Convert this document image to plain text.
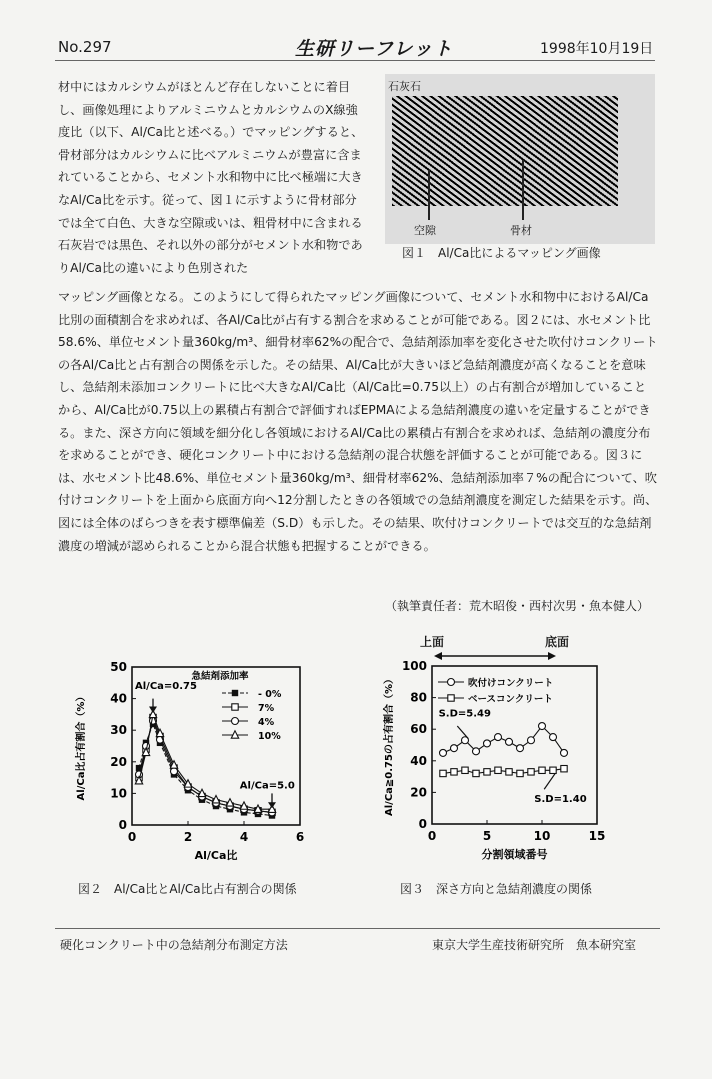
No.297	生研リーフレット	1998年10月19日

材中にはカルシウムがほとんど存在しないことに着目し、画像処理によりアルミニウムとカルシウムのX線強度比（以下、Al/Ca比と述べる。）でマッピングすると、骨材部分はカルシウムに比べアルミニウムが豊富に含まれていることから、セメント水和物中に比べ極端に大きなAl/Ca比を示す。従って、図１に示すように骨材部分では全て白色、大きな空隙或いは、粗骨材中に含まれる石灰岩では黒色、それ以外の部分がセメント水和物でありAl/Ca比の違いにより色別された

マッピング画像となる。このようにして得られたマッピング画像について、セメント水和物中におけるAl/Ca比別の面積割合を求めれば、各Al/Ca比が占有する割合を求めることが可能である。図２には、水セメント比58.6%、単位セメント量360kg/m³、細骨材率62%の配合で、急結剤添加率を変化させた吹付けコンクリートの各Al/Ca比と占有割合の関係を示した。その結果、Al/Ca比が大きいほど急結剤濃度が高くなることを意味し、急結剤未添加コンクリートに比べ大きなAl/Ca比（Al/Ca比=0.75以上）の占有割合が増加していることから、Al/Ca比が0.75以上の累積占有割合で評価すればEPMAによる急結剤濃度の違いを定量することができる。また、深さ方向に領域を細分化し各領域におけるAl/Ca比の累積占有割合を求めれば、急結剤の濃度分布を求めることができ、硬化コンクリート中における急結剤の混合状態を評価することが可能である。図３には、水セメント比48.6%、単位セメント量360kg/m³、細骨材率62%、急結剤添加率７%の配合について、吹付けコンクリートを上面から底面方向へ12分割したときの各領域での急結剤濃度を測定した結果を示す。尚、図には全体のばらつきを表す標準偏差（S.D）も示した。その結果、吹付けコンクリートでは交互的な急結剤濃度の増減が認められることから混合状態も把握することができる。

石灰石
空隙	骨材
図１　Al/Ca比によるマッピング画像
（執筆責任者：荒木昭俊・西村次男・魚本健人）
0	2	4	6
0
10
20
30
40
50
Al/Ca比
Al/Ca比占有割合（%）
急結剤添加率
- 0%
7%
4%
10%
Al/Ca=0.75
Al/Ca=5.0
図２　Al/Ca比とAl/Ca比占有割合の関係
上面	底面
0	5	10	15
0
20
40
60
80
100
分割領域番号
Al/Ca≧0.75の占有割合（%）	吹付けコンクリート
ベースコンクリート
S.D=5.49
S.D=1.40
図３　深さ方向と急結剤濃度の関係
硬化コンクリート中の急結剤分布測定方法	東京大学生産技術研究所　魚本研究室
